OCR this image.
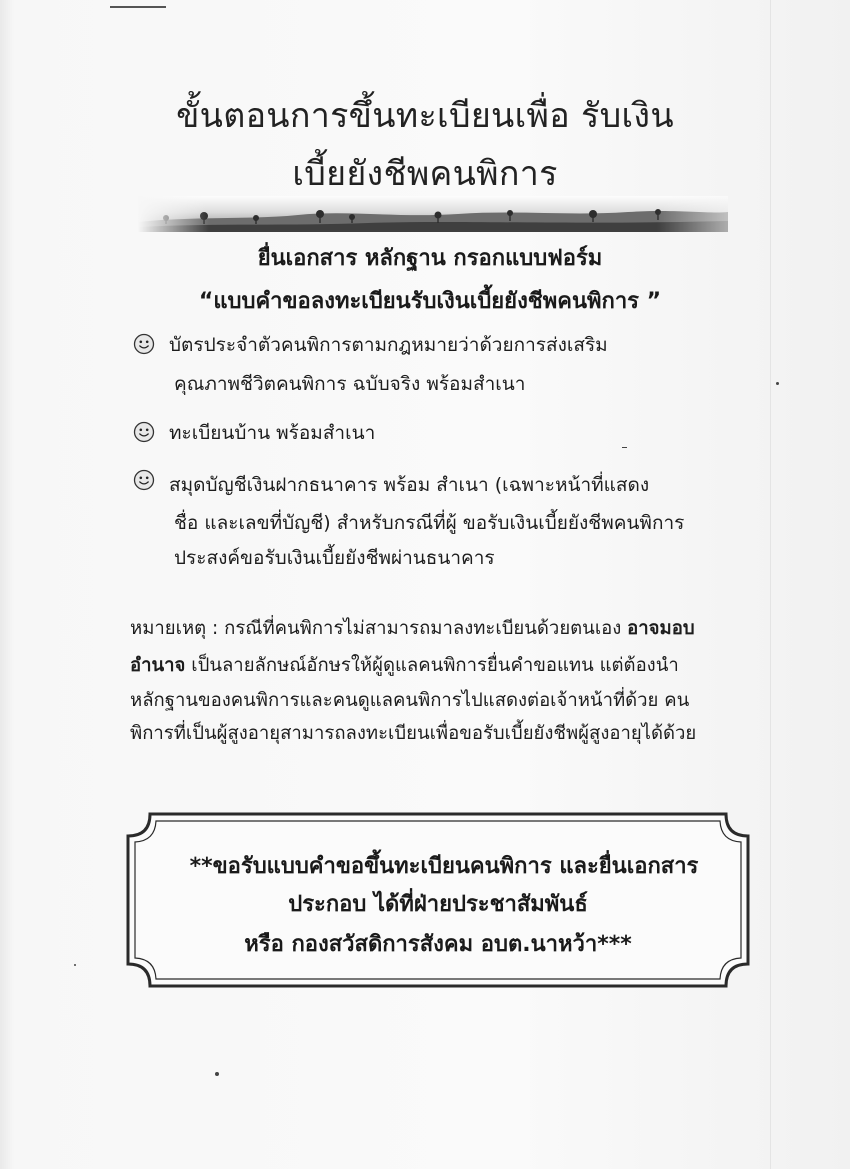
ขั้นตอนการขึ้นทะเบียนเพื่อ รับเงิน
เบี้ยยังชีพคนพิการ
ยื่นเอกสาร หลักฐาน กรอกแบบฟอร์ม
“แบบคำขอลงทะเบียนรับเงินเบี้ยยังชีพคนพิการ ”
บัตรประจำตัวคนพิการตามกฎหมายว่าด้วยการส่งเสริม
คุณภาพชีวิตคนพิการ ฉบับจริง พร้อมสำเนา
ทะเบียนบ้าน พร้อมสำเนา
สมุดบัญชีเงินฝากธนาคาร พร้อม สำเนา (เฉพาะหน้าที่แสดง
ชื่อ และเลขที่บัญชี) สำหรับกรณีที่ผู้ ขอรับเงินเบี้ยยังชีพคนพิการ
ประสงค์ขอรับเงินเบี้ยยังชีพผ่านธนาคาร
หมายเหตุ : กรณีที่คนพิการไม่สามารถมาลงทะเบียนด้วยตนเอง อาจมอบ
อำนาจ เป็นลายลักษณ์อักษรให้ผู้ดูแลคนพิการยื่นคำขอแทน แต่ต้องนำ
หลักฐานของคนพิการและคนดูแลคนพิการไปแสดงต่อเจ้าหน้าที่ด้วย คน
พิการที่เป็นผู้สูงอายุสามารถลงทะเบียนเพื่อขอรับเบี้ยยังชีพผู้สูงอายุได้ด้วย
**ขอรับแบบคำขอขึ้นทะเบียนคนพิการ และยื่นเอกสาร
ประกอบ ได้ที่ฝ่ายประชาสัมพันธ์
หรือ กองสวัสดิการสังคม อบต.นาหว้า***
